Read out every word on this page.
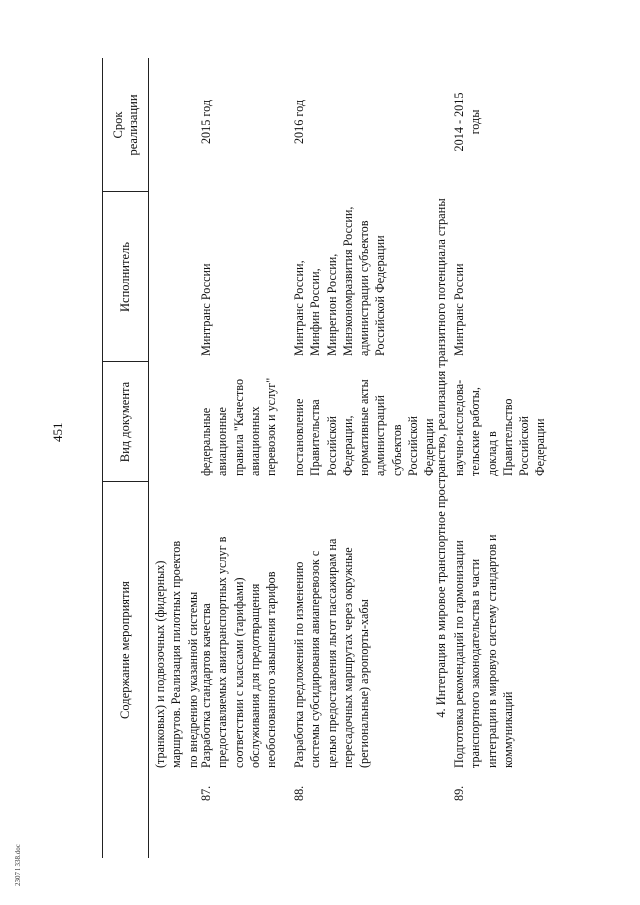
451
2307 l 338.doc
Содержание мероприятия
Вид документа
Исполнитель
Срок реализации
(транковых) и подвозочных (фидерных) маршрутов. Реализация пилотных проектов по внедрению указанной системы
87.
Разработка стандартов качества предоставляемых авиатранспортных услуг в соответствии с классами (тарифами) обслуживания для предотвращения необоснованного завышения тарифов
федеральные авиационные правила "Качество авиационных перевозок и услуг"
Минтранс России
2015 год
88.
Разработка предложений по изменению системы субсидирования авиаперевозок с целью предоставления льгот пассажирам на пересадочных маршрутах через окружные (региональные) аэропорты-хабы
постановление Правительства Российской Федерации, нормативные акты администраций субъектов Российской Федерации
Минтранс России, Минфин России, Минрегион России, Минэкономразвития России, администрации субъектов Российской Федерации
2016 год
4. Интеграция в мировое транспортное пространство, реализация транзитного потенциала страны
89.
Подготовка рекомендаций по гармонизации транспортного законодательства в части интеграции в мировую систему стандартов и коммуникаций
научно-исследова- тельские работы, доклад в Правительство Российской Федерации
Минтранс России
2014 - 2015 годы
